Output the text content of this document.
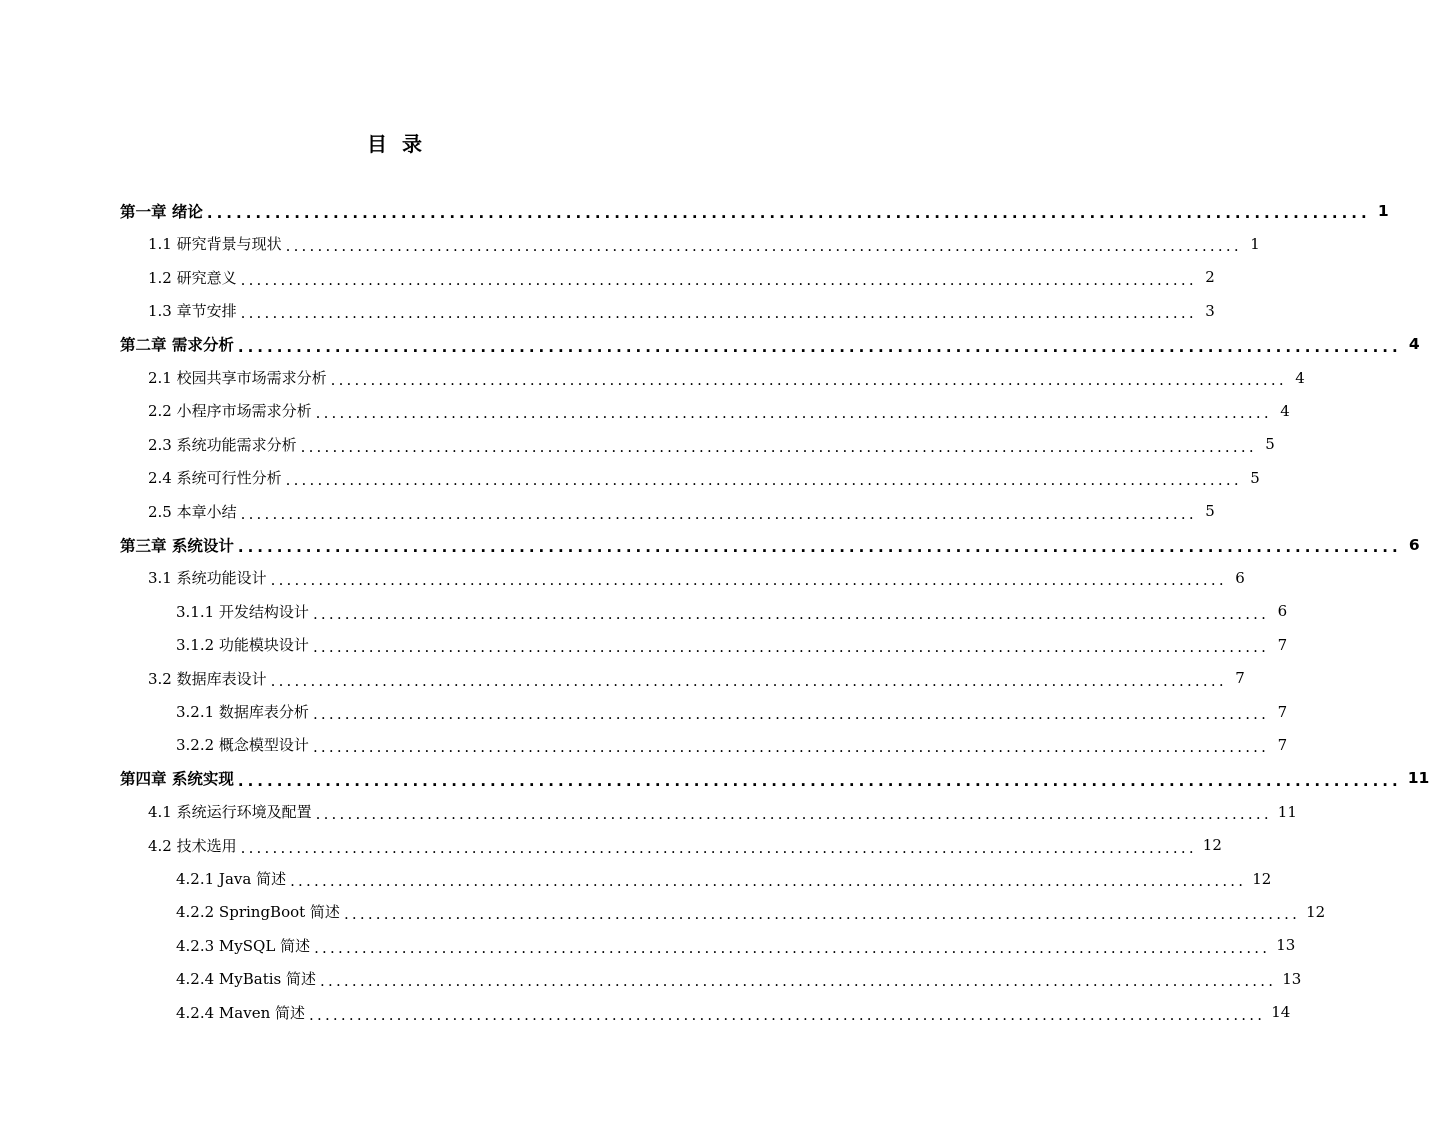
目 录
第一章 绪论 ........................................................................................................................ 1
1.1 研究背景与现状 ........................................................................................................................ 1
1.2 研究意义 ........................................................................................................................ 2
1.3 章节安排 ........................................................................................................................ 3
第二章 需求分析 ........................................................................................................................ 4
2.1 校园共享市场需求分析 ........................................................................................................................ 4
2.2 小程序市场需求分析 ........................................................................................................................ 4
2.3 系统功能需求分析 ........................................................................................................................ 5
2.4 系统可行性分析 ........................................................................................................................ 5
2.5 本章小结 ........................................................................................................................ 5
第三章 系统设计 ........................................................................................................................ 6
3.1 系统功能设计 ........................................................................................................................ 6
3.1.1 开发结构设计 ........................................................................................................................ 6
3.1.2 功能模块设计 ........................................................................................................................ 7
3.2 数据库表设计 ........................................................................................................................ 7
3.2.1 数据库表分析 ........................................................................................................................ 7
3.2.2 概念模型设计 ........................................................................................................................ 7
第四章 系统实现 ........................................................................................................................ 11
4.1 系统运行环境及配置 ........................................................................................................................ 11
4.2 技术选用 ........................................................................................................................ 12
4.2.1 Java 简述 ........................................................................................................................ 12
4.2.2 SpringBoot 简述 ........................................................................................................................ 12
4.2.3 MySQL 简述 ........................................................................................................................ 13
4.2.4 MyBatis 简述 ........................................................................................................................ 13
4.2.4 Maven 简述 ........................................................................................................................ 14
